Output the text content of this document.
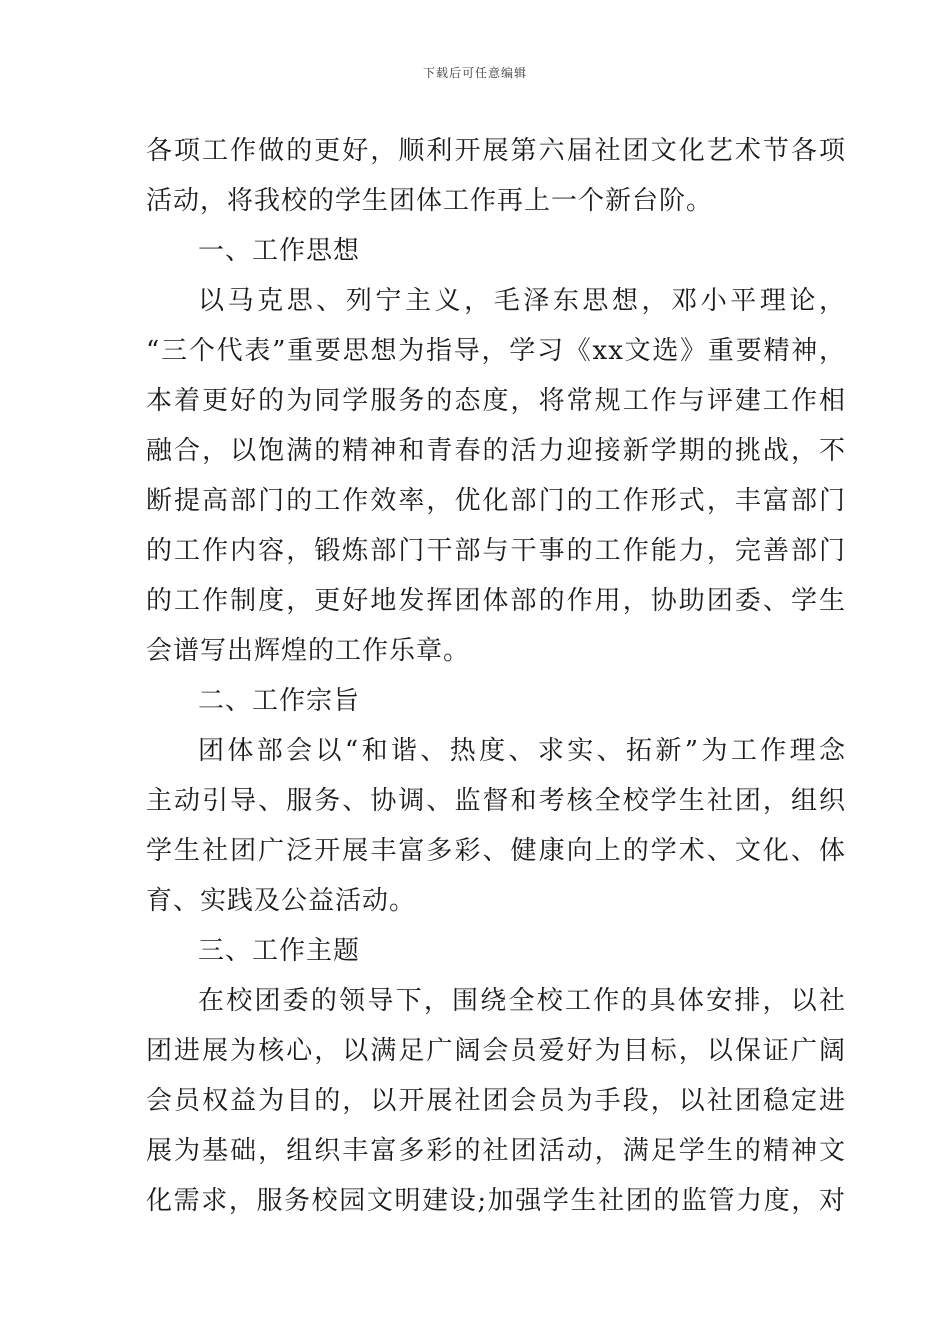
下载后可任意编辑
各项工作做的更好，顺利开展第六届社团文化艺术节各项
活动，将我校的学生团体工作再上一个新台阶。
一、工作思想
以马克思、列宁主义，毛泽东思想，邓小平理论，
“三个代表”重要思想为指导，学习《xx文选》重要精神，
本着更好的为同学服务的态度，将常规工作与评建工作相
融合，以饱满的精神和青春的活力迎接新学期的挑战，不
断提高部门的工作效率，优化部门的工作形式，丰富部门
的工作内容，锻炼部门干部与干事的工作能力，完善部门
的工作制度，更好地发挥团体部的作用，协助团委、学生
会谱写出辉煌的工作乐章。
二、工作宗旨
团体部会以“和谐、热度、求实、拓新”为工作理念
主动引导、服务、协调、监督和考核全校学生社团，组织
学生社团广泛开展丰富多彩、健康向上的学术、文化、体
育、实践及公益活动。
三、工作主题
在校团委的领导下，围绕全校工作的具体安排，以社
团进展为核心，以满足广阔会员爱好为目标，以保证广阔
会员权益为目的，以开展社团会员为手段，以社团稳定进
展为基础，组织丰富多彩的社团活动，满足学生的精神文
化需求，服务校园文明建设;加强学生社团的监管力度，对
